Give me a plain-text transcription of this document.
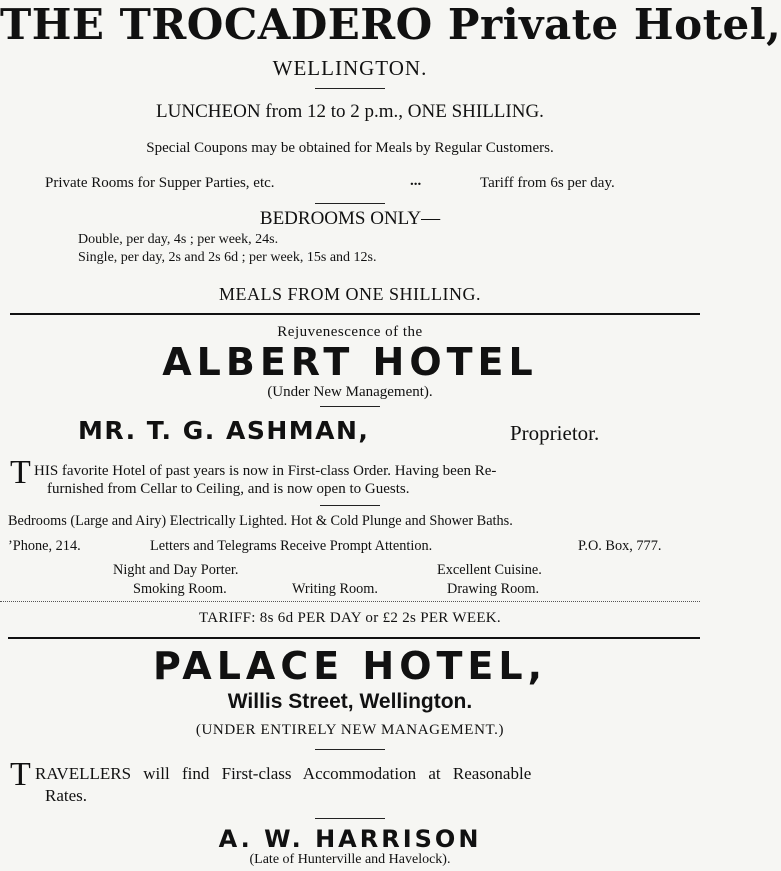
THE TROCADERO Private Hotel,
WELLINGTON.
LUNCHEON from 12 to 2 p.m., ONE SHILLING.
Special Coupons may be obtained for Meals by Regular Customers.
Private Rooms for Supper Parties, etc.	...	Tariff from 6s per day.
BEDROOMS ONLY—
Double, per day, 4s ; per week, 24s.
Single, per day, 2s and 2s 6d ; per week, 15s and 12s.
MEALS FROM ONE SHILLING.
Rejuvenescence of the
ALBERT HOTEL
(Under New Management).
MR. T. G. ASHMAN,	Proprietor.
T HIS favorite Hotel of past years is now in First-class Order. Having been Re-
furnished from Cellar to Ceiling, and is now open to Guests.
Bedrooms (Large and Airy) Electrically Lighted. Hot & Cold Plunge and Shower Baths.
’Phone, 214.	Letters and Telegrams Receive Prompt Attention.	P.O. Box, 777.
Night and Day Porter.	Excellent Cuisine.
Smoking Room.	Writing Room.	Drawing Room.
TARIFF: 8s 6d PER DAY or £2 2s PER WEEK.
PALACE HOTEL,
Willis Street, Wellington.
(UNDER ENTIRELY NEW MANAGEMENT.)
T RAVELLERS will find First-class Accommodation at Reasonable
Rates.
A. W. HARRISON
(Late of Hunterville and Havelock).
